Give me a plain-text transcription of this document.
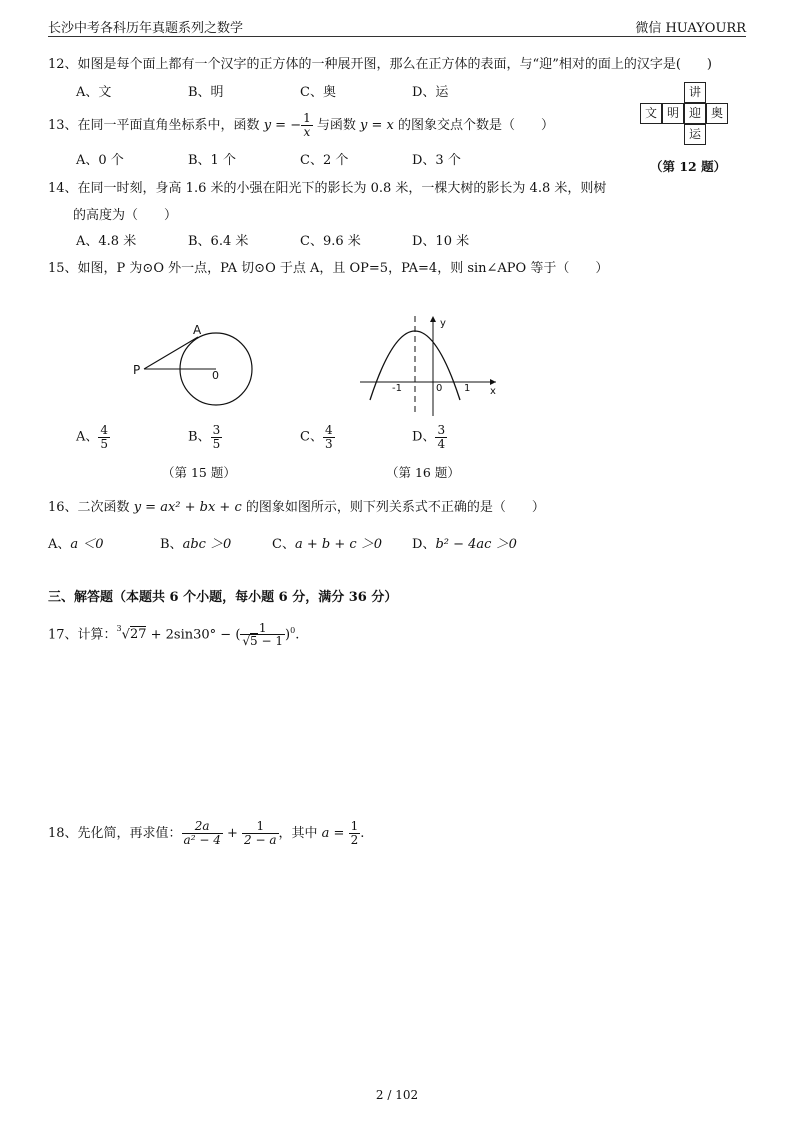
长沙中考各科历年真题系列之数学	微信 HUAYOURR
12、如图是每个面上都有一个汉字的正方体的一种展开图，那么在正方体的表面，与“迎”相对的面上的汉字是(　　)
A、文	B、明	C、奥	D、运	讲
文 明 迎 奥
运
（第 12 题）
13、在同一平面直角坐标系中，函数 y = − $\frac{1}{x}$ 与函数 y = x 的图象交点个数是（　　）
A、0 个	B、1 个	C、2 个	D、3 个
14、在同一时刻，身高 1.6 米的小强在阳光下的影长为 0.8 米，一棵大树的影长为 4.8 米，则树
的高度为（　　）
A、4.8 米	B、6.4 米	C、9.6 米	D、10 米
15、如图，P 为⊙O 外一点，PA 切⊙O 于点 A，且 OP=5，PA=4，则 sin∠APO 等于（　　）
A
P	0
y
x
-1	0 1
A、 $\frac{4}{5}$	B、 $\frac{3}{5}$	C、 $\frac{4}{3}$	D、 $\frac{3}{4}$
（第 15 题）	（第 16 题）
16、二次函数 y = ax² + bx + c 的图象如图所示，则下列关系式不正确的是（　　）
A、a ＜0	B、abc ＞0	C、a + b + c ＞0 D、b² − 4ac ＞0
三、解答题（本题共 6 个小题，每小题 6 分，满分 36 分）
17、计算：$^3$√27 + 2sin30° − ( $\frac{1}{√5 - 1} )^0$.
18、先化简，再求值： $\frac{2a}{\text{a² − 4}} + \frac{1}{2 - a}$ ，其中 $a = \frac{1}{2}$ .
2 / 102
